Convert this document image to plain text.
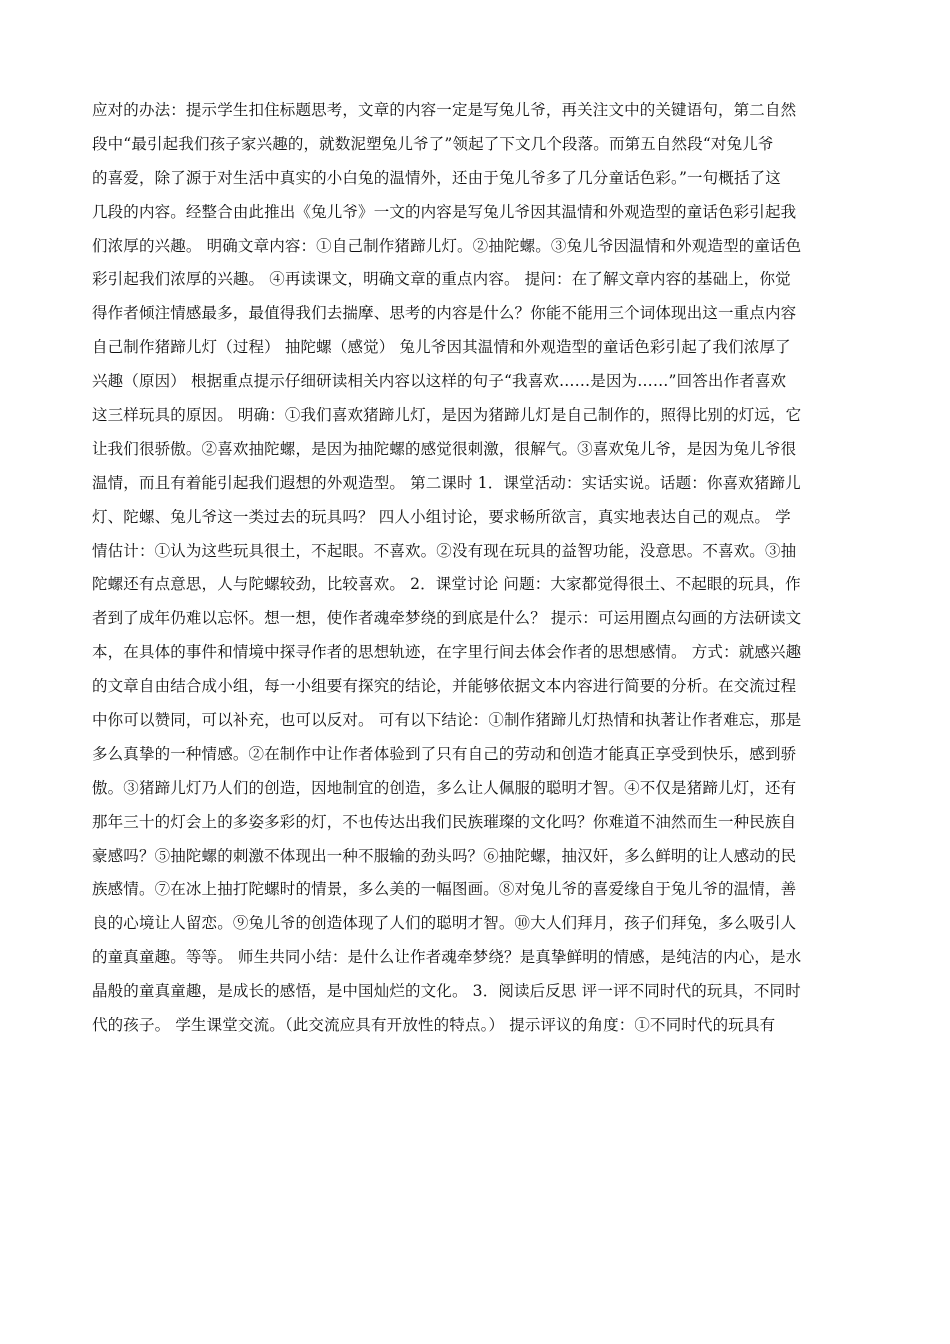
应对的办法：提示学生扣住标题思考，文章的内容一定是写兔儿爷，再关注文中的关键语句，第二自然
段中“最引起我们孩子家兴趣的，就数泥塑兔儿爷了”领起了下文几个段落。而第五自然段“对兔儿爷
的喜爱，除了源于对生活中真实的小白兔的温情外，还由于兔儿爷多了几分童话色彩。”一句概括了这
几段的内容。经整合由此推出《兔儿爷》一文的内容是写兔儿爷因其温情和外观造型的童话色彩引起我
们浓厚的兴趣。 明确文章内容：①自己制作猪蹄儿灯。②抽陀螺。③兔儿爷因温情和外观造型的童话色
彩引起我们浓厚的兴趣。 ④再读课文，明确文章的重点内容。 提问：在了解文章内容的基础上，你觉
得作者倾注情感最多，最值得我们去揣摩、思考的内容是什么？你能不能用三个词体现出这一重点内容
自己制作猪蹄儿灯（过程） 抽陀螺（感觉） 兔儿爷因其温情和外观造型的童话色彩引起了我们浓厚了
兴趣（原因） 根据重点提示仔细研读相关内容以这样的句子“我喜欢……是因为……”回答出作者喜欢
这三样玩具的原因。 明确：①我们喜欢猪蹄儿灯，是因为猪蹄儿灯是自己制作的，照得比别的灯远，它
让我们很骄傲。②喜欢抽陀螺，是因为抽陀螺的感觉很刺激，很解气。③喜欢兔儿爷，是因为兔儿爷很
温情，而且有着能引起我们遐想的外观造型。 第二课时 1．课堂活动：实话实说。话题：你喜欢猪蹄儿
灯、陀螺、兔儿爷这一类过去的玩具吗？ 四人小组讨论，要求畅所欲言，真实地表达自己的观点。 学
情估计：①认为这些玩具很土，不起眼。不喜欢。②没有现在玩具的益智功能，没意思。不喜欢。③抽
陀螺还有点意思，人与陀螺较劲，比较喜欢。 2．课堂讨论 问题：大家都觉得很土、不起眼的玩具，作
者到了成年仍难以忘怀。想一想，使作者魂牵梦绕的到底是什么？ 提示：可运用圈点勾画的方法研读文
本，在具体的事件和情境中探寻作者的思想轨迹，在字里行间去体会作者的思想感情。 方式：就感兴趣
的文章自由结合成小组，每一小组要有探究的结论，并能够依据文本内容进行简要的分析。在交流过程
中你可以赞同，可以补充，也可以反对。 可有以下结论：①制作猪蹄儿灯热情和执著让作者难忘，那是
多么真挚的一种情感。②在制作中让作者体验到了只有自己的劳动和创造才能真正享受到快乐，感到骄
傲。③猪蹄儿灯乃人们的创造，因地制宜的创造，多么让人佩服的聪明才智。④不仅是猪蹄儿灯，还有
那年三十的灯会上的多姿多彩的灯，不也传达出我们民族璀璨的文化吗？你难道不油然而生一种民族自
豪感吗？⑤抽陀螺的刺激不体现出一种不服输的劲头吗？⑥抽陀螺，抽汉奸，多么鲜明的让人感动的民
族感情。⑦在冰上抽打陀螺时的情景，多么美的一幅图画。⑧对兔儿爷的喜爱缘自于兔儿爷的温情，善
良的心境让人留恋。⑨兔儿爷的创造体现了人们的聪明才智。⑩大人们拜月，孩子们拜兔，多么吸引人
的童真童趣。等等。 师生共同小结：是什么让作者魂牵梦绕？是真挚鲜明的情感，是纯洁的内心，是水
晶般的童真童趣，是成长的感悟，是中国灿烂的文化。 3．阅读后反思 评一评不同时代的玩具，不同时
代的孩子。 学生课堂交流。（此交流应具有开放性的特点。） 提示评议的角度：①不同时代的玩具有
